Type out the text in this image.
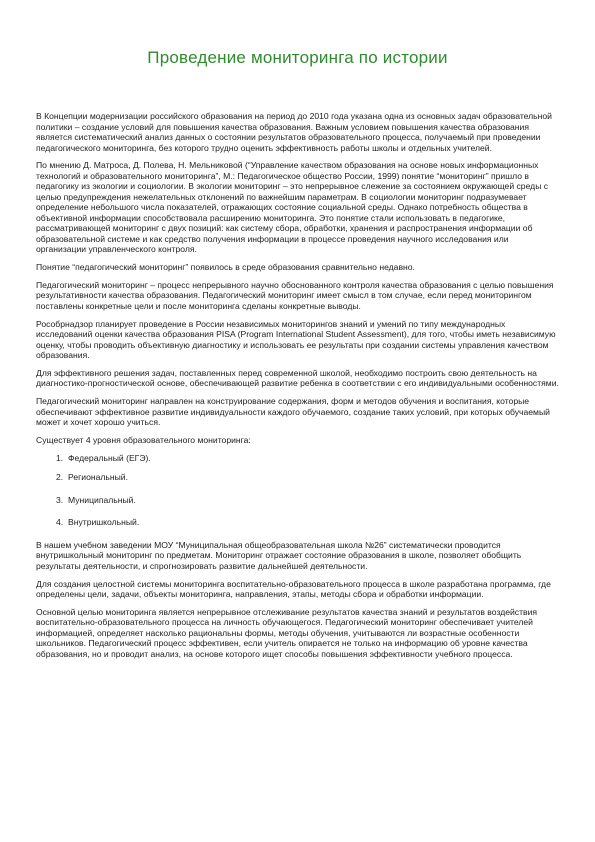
Проведение мониторинга по истории

В Концепции модернизации российского образования на период до 2010 года указана одна из основных задач образовательной политики – создание условий для повышения качества образования. Важным условием повышения качества образования является систематический анализ данных о состоянии результатов образовательного процесса, получаемый при проведении педагогического мониторинга, без которого трудно оценить эффективность работы школы и отдельных учителей.

По мнению Д. Матроса, Д. Полева, Н. Мельниковой (“Управление качеством образования на основе новых информационных технологий и образовательного мониторинга”, М.: Педагогическое общество России, 1999) понятие “мониторинг” пришло в педагогику из экологии и социологии. В экологии мониторинг – это непрерывное слежение за состоянием окружающей среды с целью предупреждения нежелательных отклонений по важнейшим параметрам. В социологии мониторинг подразумевает определение небольшого числа показателей, отражающих состояние социальной среды. Однако потребность общества в объективной информации способствовала расширению мониторинга. Это понятие стали использовать в педагогике, рассматривающей мониторинг с двух позиций: как систему сбора, обработки, хранения и распространения информации об образовательной системе и как средство получения информации в процессе проведения научного исследования или организации управленческого контроля.

Понятие “педагогический мониторинг” появилось в среде образования сравнительно недавно.

Педагогический мониторинг – процесс непрерывного научно обоснованного контроля качества образования с целью повышения результативности качества образования. Педагогический мониторинг имеет смысл в том случае, если перед мониторингом поставлены конкретные цели и после мониторинга сделаны конкретные выводы.

Рособрнадзор планирует проведение в России независимых мониторингов знаний и умений по типу международных исследований оценки качества образования PISA (Program International Student Assessment), для того, чтобы иметь независимую оценку, чтобы проводить объективную диагностику и использовать ее результаты при создании системы управления качеством образования.

Для эффективного решения задач, поставленных перед современной школой, необходимо построить свою деятельность на диагностико-прогностической основе, обеспечивающей развитие ребенка в соответствии с его индивидуальными особенностями.

Педагогический мониторинг направлен на конструирование содержания, форм и методов обучения и воспитания, которые обеспечивают эффективное развитие индивидуальности каждого обучаемого, создание таких условий, при которых обучаемый может и хочет хорошо учиться.

Существует 4 уровня образовательного мониторинга:

1. Федеральный (ЕГЭ).
2. Региональный.
3. Муниципальный.
4. Внутришкольный.

В нашем учебном заведении МОУ “Муниципальная общеобразовательная школа №26” систематически проводится внутришкольный мониторинг по предметам. Мониторинг отражает состояние образования в школе, позволяет обобщить результаты деятельности, и спрогнозировать развитие дальнейшей деятельности.

Для создания целостной системы мониторинга воспитательно-образовательного процесса в школе разработана программа, где определены цели, задачи, объекты мониторинга, направления, этапы, методы сбора и обработки информации.

Основной целью мониторинга является непрерывное отслеживание результатов качества знаний и результатов воздействия воспитательно-образовательного процесса на личность обучающегося. Педагогический мониторинг обеспечивает учителей информацией, определяет насколько рациональны формы, методы обучения, учитываются ли возрастные особенности школьников. Педагогический процесс эффективен, если учитель опирается не только на информацию об уровне качества образования, но и проводит анализ, на основе которого ищет способы повышения эффективности учебного процесса.
